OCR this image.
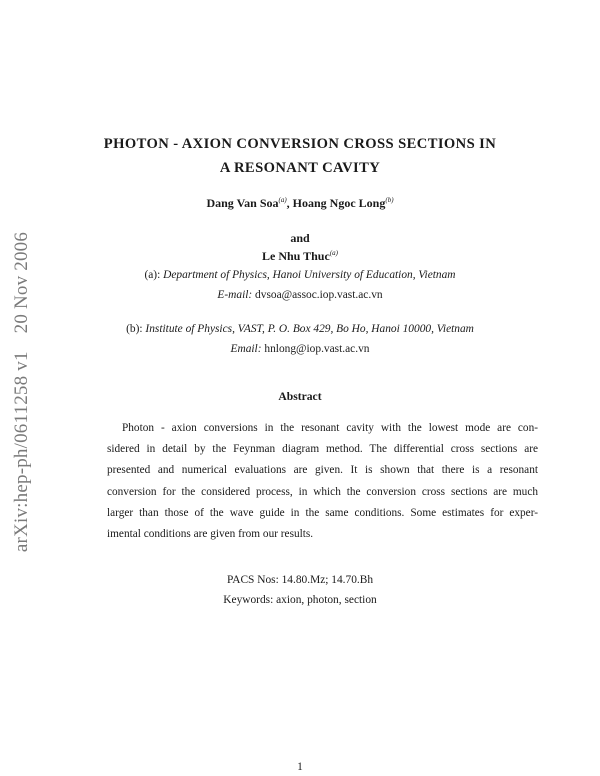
arXiv:hep-ph/0611258 v120 Nov 2006
PHOTON - AXION CONVERSION CROSS SECTIONS IN
A RESONANT CAVITY
Dang Van Soa$^{(a)}$, Hoang Ngoc Long$^{(b)}$
and
Le Nhu Thuc$^{(a)}$
(a): Department of Physics, Hanoi University of Education, Vietnam
E-mail: dvsoa@assoc.iop.vast.ac.vn
(b): Institute of Physics, VAST, P. O. Box 429, Bo Ho, Hanoi 10000, Vietnam
Email: hnlong@iop.vast.ac.vn
Abstract
Photon - axion conversions in the resonant cavity with the lowest mode are con-
sidered in detail by the Feynman diagram method. The differential cross sections are
presented and numerical evaluations are given. It is shown that there is a resonant
conversion for the considered process, in which the conversion cross sections are much
larger than those of the wave guide in the same conditions. Some estimates for exper-
imental conditions are given from our results.
PACS Nos: 14.80.Mz; 14.70.Bh
Keywords: axion, photon, section
1
